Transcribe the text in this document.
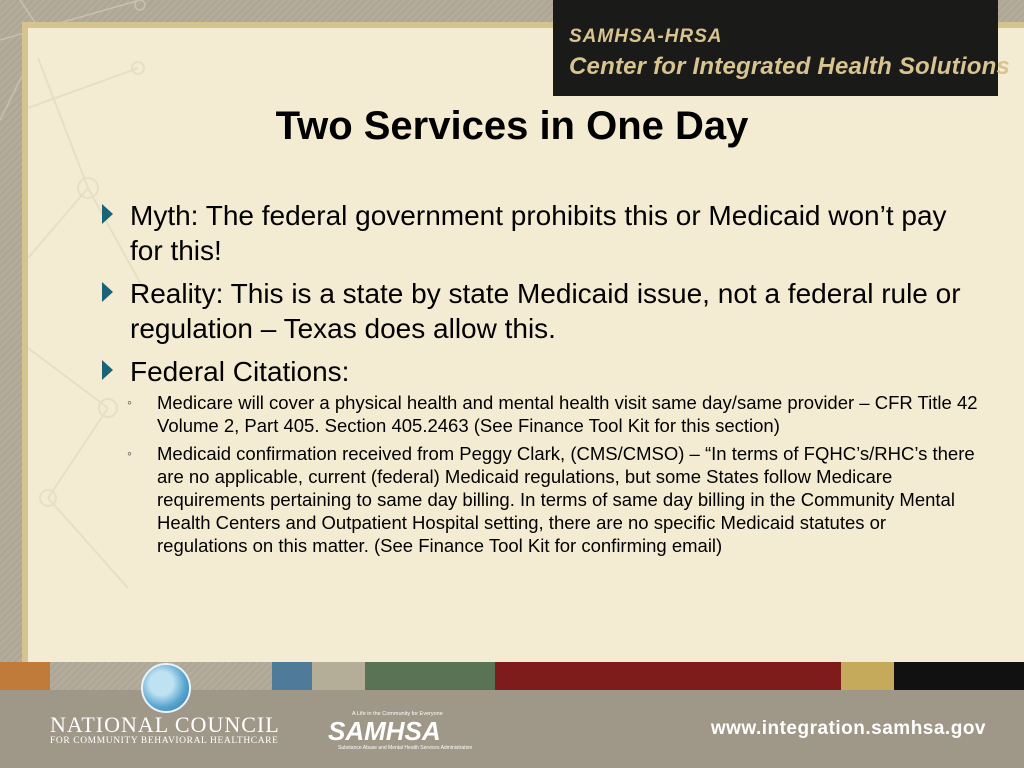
SAMHSA-HRSA
Center for Integrated Health Solutions
Two Services in One Day
Myth: The federal government prohibits this or Medicaid won’t pay for this!
Reality: This is a state by state Medicaid issue, not a federal rule or regulation – Texas does allow this.
Federal Citations:
◦ Medicare will cover a physical health and mental health visit same day/same provider – CFR Title 42 Volume 2, Part 405. Section 405.2463 (See Finance Tool Kit for this section)
◦ Medicaid confirmation received from Peggy Clark, (CMS/CMSO) – “In terms of FQHC’s/RHC’s there are no applicable, current (federal) Medicaid regulations, but some States follow Medicare requirements pertaining to same day billing. In terms of same day billing in the Community Mental Health Centers and Outpatient Hospital setting, there are no specific Medicaid statutes or regulations on this matter. (See Finance Tool Kit for confirming email)
NATIONAL COUNCIL
FOR COMMUNITY BEHAVIORAL HEALTHCARE
A Life in the Community for Everyone
SAMHSA
Substance Abuse and Mental Health Services Administration
www.integration.samhsa.gov
